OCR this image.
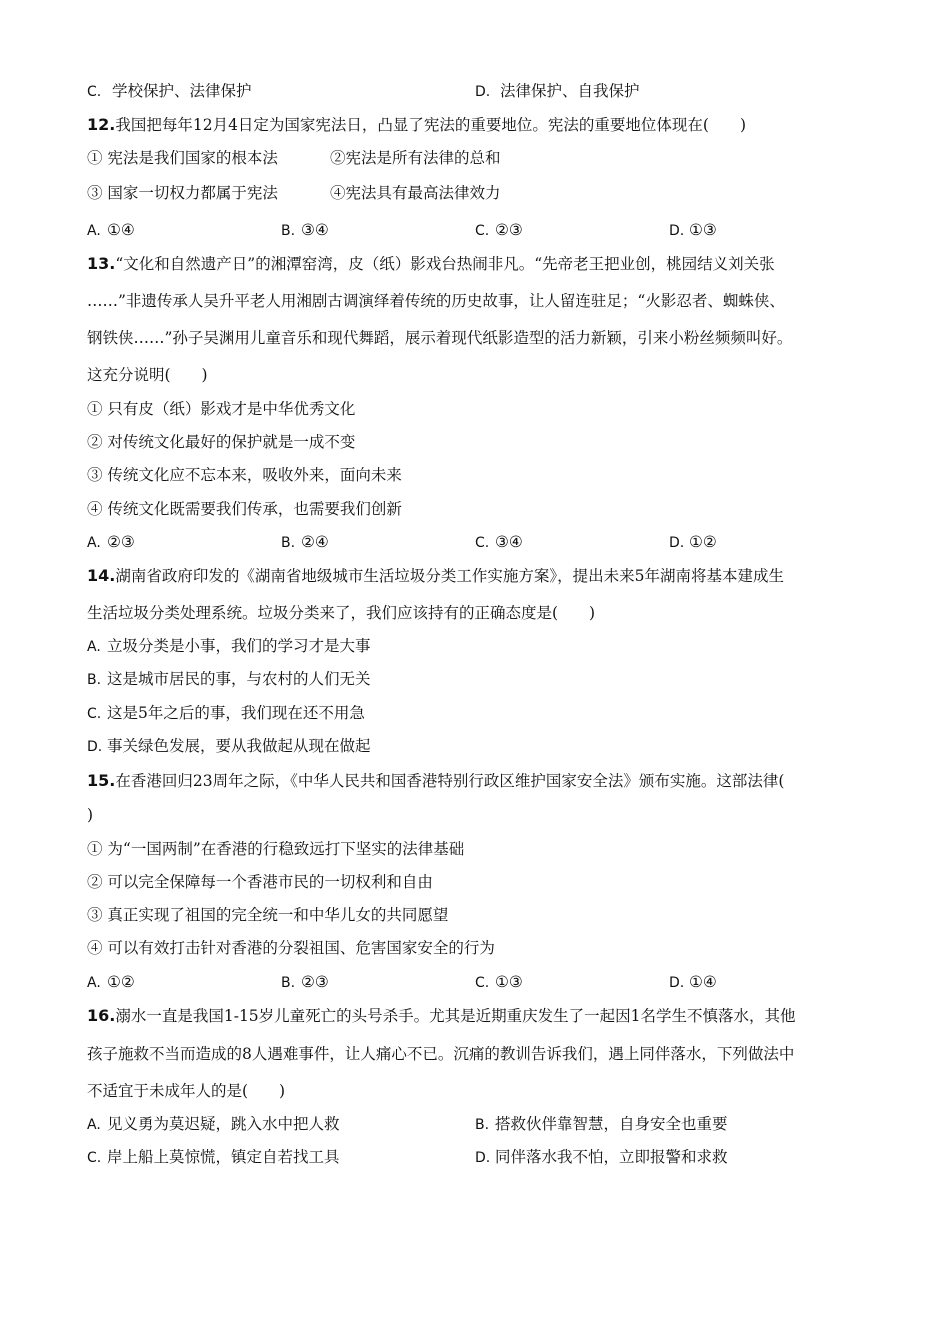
C. 学校保护、法律保护	D. 法律保护、自我保护
12.我国把每年12月4日定为国家宪法日，凸显了宪法的重要地位。宪法的重要地位体现在(　　)
① 宪法是我们国家的根本法	②宪法是所有法律的总和
③ 国家一切权力都属于宪法	④宪法具有最高法律效力
A. ①④	B. ③④	C. ②③	D. ①③
13.“文化和自然遗产日”的湘潭窑湾，皮（纸）影戏台热闹非凡。“先帝老王把业创，桃园结义刘关张
……”非遗传承人吴升平老人用湘剧古调演绎着传统的历史故事，让人留连驻足；“火影忍者、蜘蛛侠、
钢铁侠……”孙子吴渊用儿童音乐和现代舞蹈，展示着现代纸影造型的活力新颖，引来小粉丝频频叫好。
这充分说明(　　)
① 只有皮（纸）影戏才是中华优秀文化
② 对传统文化最好的保护就是一成不变
③ 传统文化应不忘本来，吸收外来，面向未来
④ 传统文化既需要我们传承，也需要我们创新
A. ②③	B. ②④	C. ③④	D. ①②
14.湖南省政府印发的《湖南省地级城市生活垃圾分类工作实施方案》，提出未来5年湖南将基本建成生
生活垃圾分类处理系统。垃圾分类来了，我们应该持有的正确态度是(　　)
A. 立圾分类是小事，我们的学习才是大事
B. 这是城市居民的事，与农村的人们无关
C. 这是5年之后的事，我们现在还不用急
D. 事关绿色发展，要从我做起从现在做起
15.在香港回归23周年之际，《中华人民共和国香港特别行政区维护国家安全法》颁布实施。这部法律(
)
① 为“一国两制”在香港的行稳致远打下坚实的法律基础
② 可以完全保障每一个香港市民的一切权利和自由
③ 真正实现了祖国的完全统一和中华儿女的共同愿望
④ 可以有效打击针对香港的分裂祖国、危害国家安全的行为
A. ①②	B. ②③	C. ①③	D. ①④
16.溺水一直是我国1-15岁儿童死亡的头号杀手。尤其是近期重庆发生了一起因1名学生不慎落水，其他
孩子施救不当而造成的8人遇难事件，让人痛心不已。沉痛的教训告诉我们，遇上同伴落水，下列做法中
不适宜于未成年人的是(　　)
A. 见义勇为莫迟疑，跳入水中把人救	B. 搭救伙伴靠智慧，自身安全也重要
C. 岸上船上莫惊慌，镇定自若找工具	D. 同伴落水我不怕，立即报警和求救
